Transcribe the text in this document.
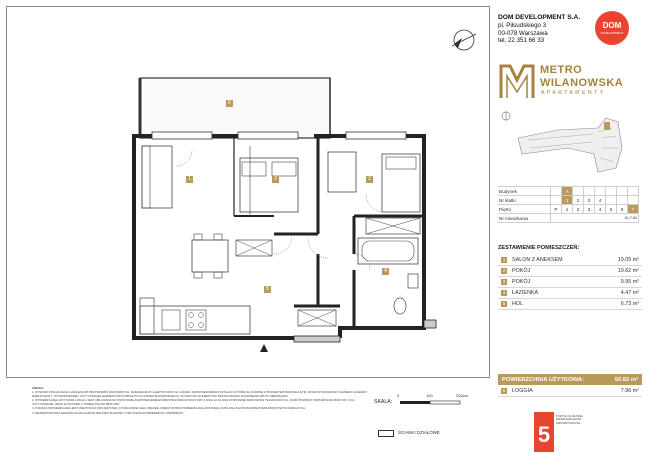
1	2
3
4
5
6
DOM DEVELOPMENT S.A.
pl. Piłsudskiego 3
00-078 Warszawa
tel. 22 351 66 33
DOM
DEVELOPMENT
METRO
WILANOWSKA
APARTAMENTY
Budynek		A						
Nr klatki		1	2	3	4			
Piętro	P	1	2	3	4	5	6	7
Nr mieszkania	A1.7.84							
ZESTAWIENIE POMIESZCZEŃ:
1	SALON Z ANEKSEM	19.05 m²
2	POKÓJ	10.62 m²
3	POKÓJ	9.95 m²
4	ŁAZIENKA	4.47 m²
5	HOL	6.73 m²
POWIERZCHNIA UŻYTKOWA:	50.82 m²
6	LOGGIA	7.96 m²

UWAGA:

1. RYSUNKI POKAZUJĄCE LOKALIZACJĘ PRZYBORÓW SANITARNYCH, RODZIELNICZY ELEKTRYCZNYCH, GNIAZD, DOPROWADZENIA INSTALACJI KTÓRE SĄ ZGODNE Z PROJEKTEM BUDOWLANYM. WODA WYKONAWCZY ZAWIERA SCHEMAT RZECZYWISTY, WYMIAROWANIE I USYTUOWANIE ELEMENTÓW KOMPLETNYCH PRZEZ BUDOWNICZEGO, WYSOKOŚĆ ELEMENTÓW PRZYKŁADOWO W ZAKRESIE RZUTU MIESZKANIA.

2. POWIERZCHNIA UŻYTKOWA LOKALU JEST OBLICZANA NA PODSTAWIE ROZPORZĄDZENIA MINISTRA INFRASTRUKTURY Z DNIA 12.04.2002 W SPRAWIE WARUNKÓW TECHNICZNYCH, JAKIM POWINNY ODPOWIADAĆ BUDYNKI I ICH USYTUOWANIE, ORAZ W ZGODZIE Z NORMĄ PN-ISO 9836:1997.

3. PODANA POWIERZCHNIA JEST WARTOŚCIĄ PROJEKTOWĄ, KTÓRA MOŻE ULEC ZMIANIE, RZECZYWISTA POWIERZCHNIA ZOSTANIE USTALONA NA PODSTAWIE POMIARÓW POWYKONAWCZYCH.

4. PRZEDSTAWIONA ARANŻACJA MA CHARAKTER PRZYKŁADOWY I NIE STANOWI PRZEDMIOTU SPRZEDAŻY.

SKALA:
0	100	200cm
ŚCIANKI DZIAŁOWE	5
POMYSŁ NA WŁASNE MIESZKANIE GRUPA ARKITEKTONICZNA
